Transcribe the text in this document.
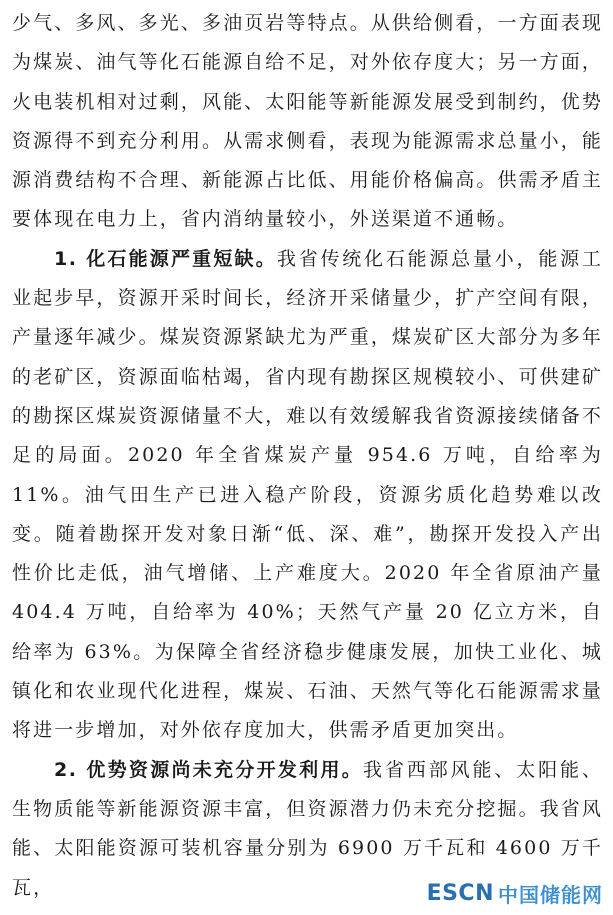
少气、多风、多光、多油页岩等特点。从供给侧看，一方面表现为煤炭、油气等化石能源自给不足，对外依存度大；另一方面，火电装机相对过剩，风能、太阳能等新能源发展受到制约，优势资源得不到充分利用。从需求侧看，表现为能源需求总量小，能源消费结构不合理、新能源占比低、用能价格偏高。供需矛盾主要体现在电力上，省内消纳量较小，外送渠道不通畅。

1. 化石能源严重短缺。我省传统化石能源总量小，能源工业起步早，资源开采时间长，经济开采储量少，扩产空间有限，产量逐年减少。煤炭资源紧缺尤为严重，煤炭矿区大部分为多年的老矿区，资源面临枯竭，省内现有勘探区规模较小、可供建矿的勘探区煤炭资源储量不大，难以有效缓解我省资源接续储备不足的局面。2020 年全省煤炭产量 954.6 万吨，自给率为 11%。油气田生产已进入稳产阶段，资源劣质化趋势难以改变。随着勘探开发对象日渐“低、深、难”，勘探开发投入产出性价比走低，油气增储、上产难度大。2020 年全省原油产量 404.4 万吨，自给率为 40%；天然气产量 20 亿立方米，自给率为 63%。为保障全省经济稳步健康发展，加快工业化、城镇化和农业现代化进程，煤炭、石油、天然气等化石能源需求量将进一步增加，对外依存度加大，供需矛盾更加突出。

2. 优势资源尚未充分开发利用。我省西部风能、太阳能、生物质能等新能源资源丰富，但资源潜力仍未充分挖掘。我省风能、太阳能资源可装机容量分别为 6900 万千瓦和 4600 万千瓦，	ESCN 中国储能网
